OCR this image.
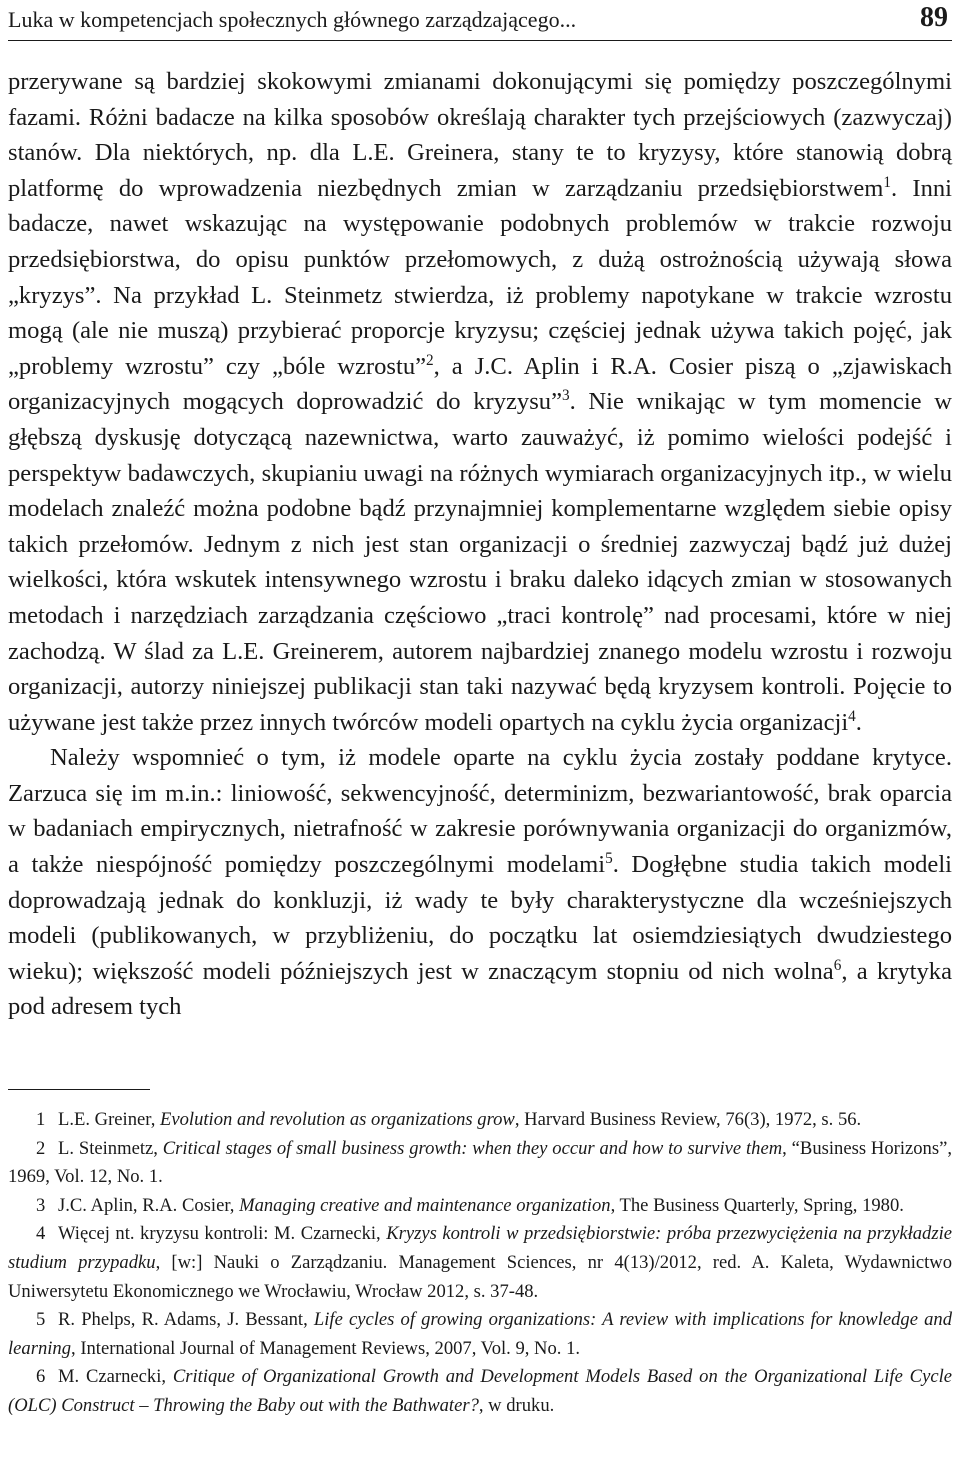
Luka w kompetencjach społecznych głównego zarządzającego...	89

przerywane są bardziej skokowymi zmianami dokonującymi się pomiędzy poszczególnymi fazami. Różni badacze na kilka sposobów określają charakter tych przejściowych (zazwyczaj) stanów. Dla niektórych, np. dla L.E. Greinera, stany te to kryzysy, które stanowią dobrą platformę do wprowadzenia niezbędnych zmian w zarządzaniu przedsiębiorstwem$^1$. Inni badacze, nawet wskazując na występowanie podobnych problemów w trakcie rozwoju przedsiębiorstwa, do opisu punktów przełomowych, z dużą ostrożnością używają słowa „kryzys”. Na przykład L. Steinmetz stwierdza, iż problemy napotykane w trakcie wzrostu mogą (ale nie muszą) przybierać proporcje kryzysu; częściej jednak używa takich pojęć, jak „problemy wzrostu” czy „bóle wzrostu”$^2$, a J.C. Aplin i R.A. Cosier piszą o „zjawiskach organizacyjnych mogących doprowadzić do kryzysu”$^3$. Nie wnikając w tym momencie w głębszą dyskusję dotyczącą nazewnictwa, warto zauważyć, iż pomimo wielości podejść i perspektyw badawczych, skupianiu uwagi na różnych wymiarach organizacyjnych itp., w wielu modelach znaleźć można podobne bądź przynajmniej komplementarne względem siebie opisy takich przełomów. Jednym z nich jest stan organizacji o średniej zazwyczaj bądź już dużej wielkości, która wskutek intensywnego wzrostu i braku daleko idących zmian w stosowanych metodach i narzędziach zarządzania częściowo „traci kontrolę” nad procesami, które w niej zachodzą. W ślad za L.E. Greinerem, autorem najbardziej znanego modelu wzrostu i rozwoju organizacji, autorzy niniejszej publikacji stan taki nazywać będą kryzysem kontroli. Pojęcie to używane jest także przez innych twórców modeli opartych na cyklu życia organizacji$^4$.

Należy wspomnieć o tym, iż modele oparte na cyklu życia zostały poddane krytyce. Zarzuca się im m.in.: liniowość, sekwencyjność, determinizm, bezwariantowość, brak oparcia w badaniach empirycznych, nietrafność w zakresie porównywania organizacji do organizmów, a także niespójność pomiędzy poszczególnymi modelami$^5$. Dogłębne studia takich modeli doprowadzają jednak do konkluzji, iż wady te były charakterystyczne dla wcześniejszych modeli (publikowanych, w przybliżeniu, do początku lat osiemdziesiątych dwudziestego wieku); większość modeli późniejszych jest w znaczącym stopniu od nich wolna$^6$, a krytyka pod adresem tych

1 L.E. Greiner, Evolution and revolution as organizations grow, Harvard Business Review, 76(3), 1972, s. 56.

2 L. Steinmetz, Critical stages of small business growth: when they occur and how to survive them, “Business Horizons”, 1969, Vol. 12, No. 1.

3 J.C. Aplin, R.A. Cosier, Managing creative and maintenance organization, The Business Quarterly, Spring, 1980.

4 Więcej nt. kryzysu kontroli: M. Czarnecki, Kryzys kontroli w przedsiębiorstwie: próba przezwyciężenia na przykładzie studium przypadku, [w:] Nauki o Zarządzaniu. Management Sciences, nr 4(13)/2012, red. A. Kaleta, Wydawnictwo Uniwersytetu Ekonomicznego we Wrocławiu, Wrocław 2012, s. 37-48.

5 R. Phelps, R. Adams, J. Bessant, Life cycles of growing organizations: A review with implications for knowledge and learning, International Journal of Management Reviews, 2007, Vol. 9, No. 1.

6 M. Czarnecki, Critique of Organizational Growth and Development Models Based on the Organizational Life Cycle (OLC) Construct – Throwing the Baby out with the Bathwater?, w druku.
